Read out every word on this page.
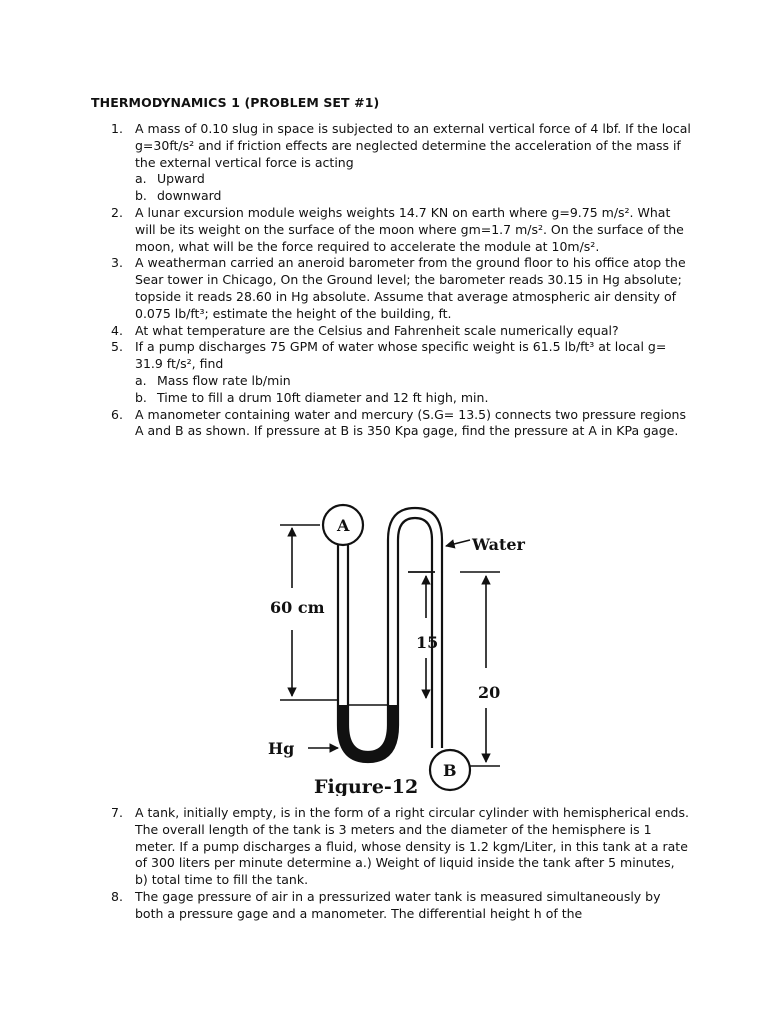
THERMODYNAMICS 1 (PROBLEM SET #1)
1. A mass of 0.10 slug in space is subjected to an external vertical force of 4 lbf. If the local g=30ft/s² and if friction effects are neglected determine the acceleration of the mass if the external vertical force is acting
a. Upward
b. downward
2. A lunar excursion module weighs weights 14.7 KN on earth where g=9.75 m/s². What will be its weight on the surface of the moon where gm=1.7 m/s². On the surface of the moon, what will be the force required to accelerate the module at 10m/s².
3. A weatherman carried an aneroid barometer from the ground floor to his office atop the Sear tower in Chicago, On the Ground level; the barometer reads 30.15 in Hg absolute; topside it reads 28.60 in Hg absolute. Assume that average atmospheric air density of 0.075 lb/ft³; estimate the height of the building, ft.
4. At what temperature are the Celsius and Fahrenheit scale numerically equal?
5. If a pump discharges 75 GPM of water whose specific weight is 61.5 lb/ft³ at local g= 31.9 ft/s², find
a. Mass flow rate lb/min
b. Time to fill a drum 10ft diameter and 12 ft high, min.
6. A manometer containing water and mercury (S.G= 13.5) connects two pressure regions A and B as shown. If pressure at B is 350 Kpa gage, find the pressure at A in KPa gage.
A
B
Water
60 cm
15
20
Hg
Figure-12
7. A tank, initially empty, is in the form of a right circular cylinder with hemispherical ends. The overall length of the tank is 3 meters and the diameter of the hemisphere is 1 meter. If a pump discharges a fluid, whose density is 1.2 kgm/Liter, in this tank at a rate of 300 liters per minute determine a.) Weight of liquid inside the tank after 5 minutes, b) total time to fill the tank.
8. The gage pressure of air in a pressurized water tank is measured simultaneously by both a pressure gage and a manometer. The differential height h of the
